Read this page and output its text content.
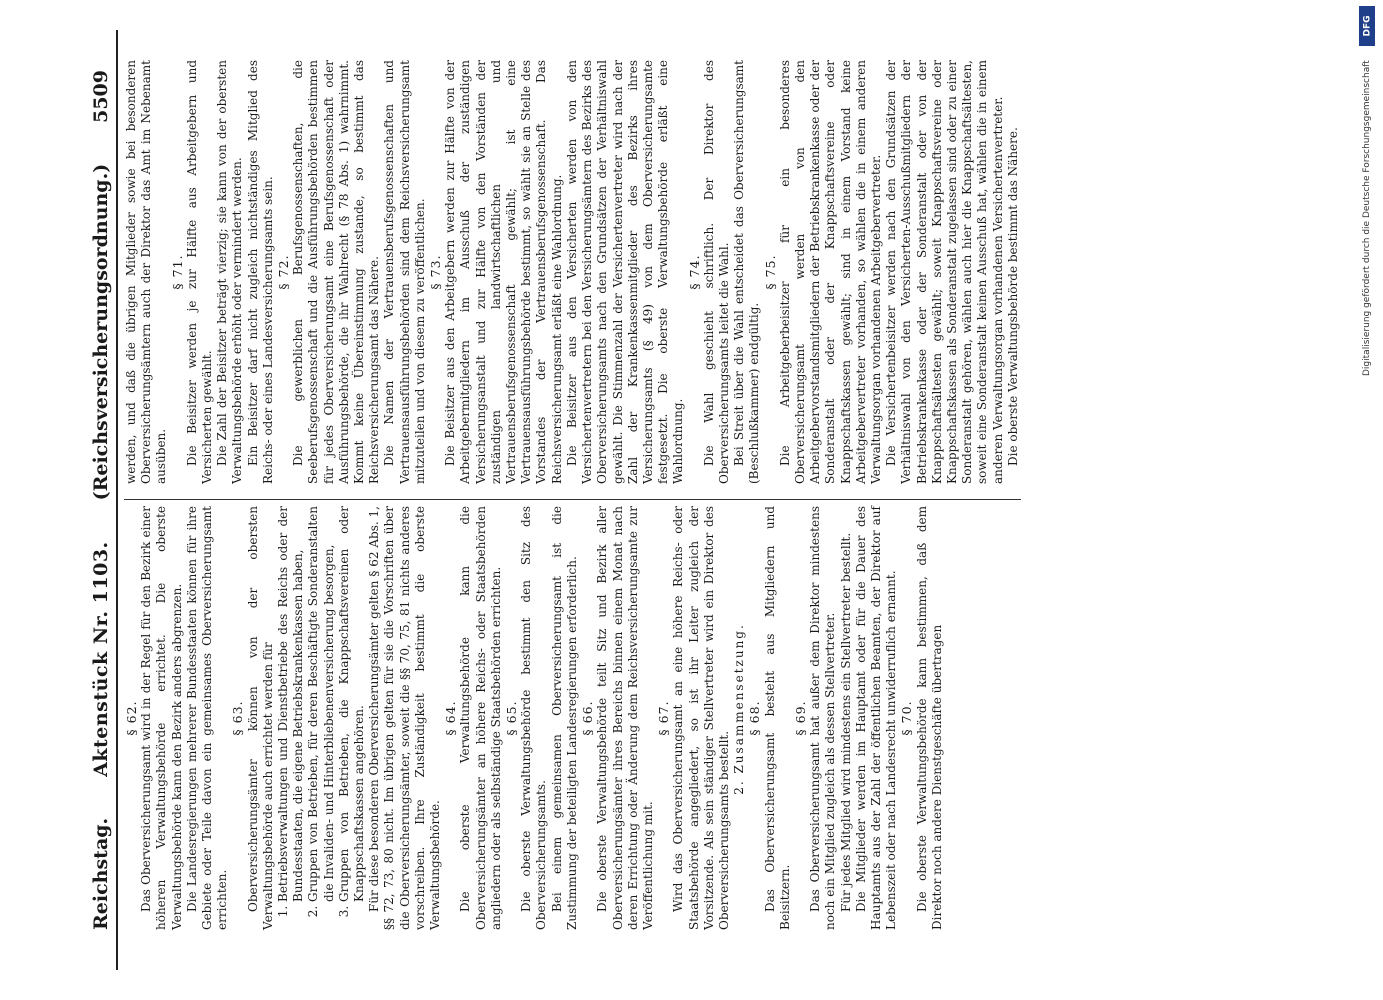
DFG
Digitalisierung gefördert durch die Deutsche Forschungsgemeinschaft
Reichstag.
Aktenstück Nr. 1103.
(Reichsversicherungsordnung.)
5509

§ 62. Das Oberversicherungsamt wird in der Regel für den Bezirk einer höheren Verwaltungsbehörde errichtet. Die oberste Verwaltungsbehörde kann den Bezirk anders abgrenzen. Die Landesregierungen mehrerer Bundesstaaten können für ihre Gebiete oder Teile davon ein gemeinsames Oberversicherungsamt errichten.

§ 63. Oberversicherungsämter können von der obersten Verwaltungsbehörde auch errichtet werden für 1. Betriebsverwaltungen und Dienstbetriebe des Reichs oder der Bundesstaaten, die eigene Betriebskrankenkassen haben, 2. Gruppen von Betrieben, für deren Beschäftigte Sonderanstalten die Invaliden- und Hinterbliebenenversicherung besorgen, 3. Gruppen von Betrieben, die Knappschaftsvereinen oder Knappschaftskassen angehören. Für diese besonderen Oberversicherungsämter gelten § 62 Abs. 1, §§ 72, 73, 80 nicht. Im übrigen gelten für sie die Vorschriften über die Oberversicherungsämter, soweit die §§ 70, 75, 81 nichts anderes vorschreiben. Ihre Zuständigkeit bestimmt die oberste Verwaltungsbehörde.

§ 64. Die oberste Verwaltungsbehörde kann die Oberversicherungsämter an höhere Reichs- oder Staatsbehörden angliedern oder als selbständige Staatsbehörden errichten. § 65. Die oberste Verwaltungsbehörde bestimmt den Sitz des Oberversicherungsamts. Bei einem gemeinsamen Oberversicherungsamt ist die Zustimmung der beteiligten Landesregierungen erforderlich. § 66. Die oberste Verwaltungsbehörde teilt Sitz und Bezirk aller Oberversicherungsämter ihres Bereichs binnen einem Monat nach deren Errichtung oder Änderung dem Reichsversicherungsamte zur Veröffentlichung mit.

§ 67. Wird das Oberversicherungsamt an eine höhere Reichs- oder Staatsbehörde angegliedert, so ist ihr Leiter zugleich der Vorsitzende. Als sein ständiger Stellvertreter wird ein Direktor des Oberversicherungsamts bestellt.

2. Zusammensetzung. § 68. Das Oberversicherungsamt besteht aus Mitgliedern und Beisitzern.

§ 69. Das Oberversicherungsamt hat außer dem Direktor mindestens noch ein Mitglied zugleich als dessen Stellvertreter. Für jedes Mitglied wird mindestens ein Stellvertreter bestellt. Die Mitglieder werden im Hauptamt oder für die Dauer des Hauptamts aus der Zahl der öffentlichen Beamten, der Direktor auf Lebenszeit oder nach Landesrecht unwiderruflich ernannt. § 70. Die oberste Verwaltungsbehörde kann bestimmen, daß dem Direktor noch andere Dienstgeschäfte übertragen

werden, und daß die übrigen Mitglieder sowie bei besonderen Oberversicherungsämtern auch der Direktor das Amt im Nebenamt ausüben.

§ 71. Die Beisitzer werden je zur Hälfte aus Arbeitgebern und Versicherten gewählt. Die Zahl der Beisitzer beträgt vierzig; sie kann von der obersten Verwaltungsbehörde erhöht oder vermindert werden. Ein Beisitzer darf nicht zugleich nichtständiges Mitglied des Reichs- oder eines Landesversicherungsamts sein. § 72. Die gewerblichen Berufsgenossenschaften, die Seeberufsgenossenschaft und die Ausführungsbehörden bestimmen für jedes Oberversicherungsamt eine Berufsgenossenschaft oder Ausführungsbehörde, die ihr Wahlrecht (§ 78 Abs. 1) wahrnimmt. Kommt keine Übereinstimmung zustande, so bestimmt das Reichsversicherungsamt das Nähere. Die Namen der Vertrauensberufsgenossenschaften und Vertrauensausführungsbehörden sind dem Reichsversicherungsamt mitzuteilen und von diesem zu veröffentlichen. § 73. Die Beisitzer aus den Arbeitgebern werden zur Hälfte von der Arbeitgebermitgliedern im Ausschuß der zuständigen Versicherungsanstalt und zur Hälfte von den Vorständen der zuständigen landwirtschaftlichen und Vertrauensberufsgenossenschaft gewählt; ist eine Vertrauensausführungsbehörde bestimmt, so wählt sie an Stelle des Vorstandes der Vertrauensberufsgenossenschaft. Das Reichsversicherungsamt erläßt eine Wahlordnung. Die Beisitzer aus den Versicherten werden von den Versichertenvertretern bei den Versicherungsämtern des Bezirks des Oberversicherungsamts nach den Grundsätzen der Verhältniswahl gewählt. Die Stimmenzahl der Versichertenvertreter wird nach der Zahl der Krankenkassenmitglieder des Bezirks ihres Versicherungsamts (§ 49) von dem Oberversicherungsamte festgesetzt. Die oberste Verwaltungsbehörde erläßt eine Wahlordnung.

§ 74. Die Wahl geschieht schriftlich. Der Direktor des Oberversicherungsamts leitet die Wahl. Bei Streit über die Wahl entscheidet das Oberversicherungsamt (Beschlußkammer) endgültig.

§ 75. Die Arbeitgeberbeisitzer für ein besonderes Oberversicherungsamt werden von den Arbeitgebervorstandsmitgliedern der Betriebskrankenkasse oder der Sonderanstalt oder der Knappschaftsvereine oder Knappschaftskassen gewählt; sind in einem Vorstand keine Arbeitgebervertreter vorhanden, so wählen die in einem anderen Verwaltungsorgan vorhandenen Arbeitgebervertreter. Die Versichertenbeisitzer werden nach den Grundsätzen der Verhältniswahl von den Versicherten-Ausschußmitgliedern der Betriebskrankenkasse oder der Sonderanstalt oder von der Knappschaftsältesten gewählt; soweit Knappschaftsvereine oder Knappschaftskassen als Sonderanstalt zugelassen sind oder zu einer Sonderanstalt gehören, wählen auch hier die Knappschaftsältesten, soweit eine Sonderanstalt keinen Ausschuß hat, wählen die in einem anderen Verwaltungsorgan vorhandenen Versichertenvertreter. Die oberste Verwaltungsbehörde bestimmt das Nähere.
